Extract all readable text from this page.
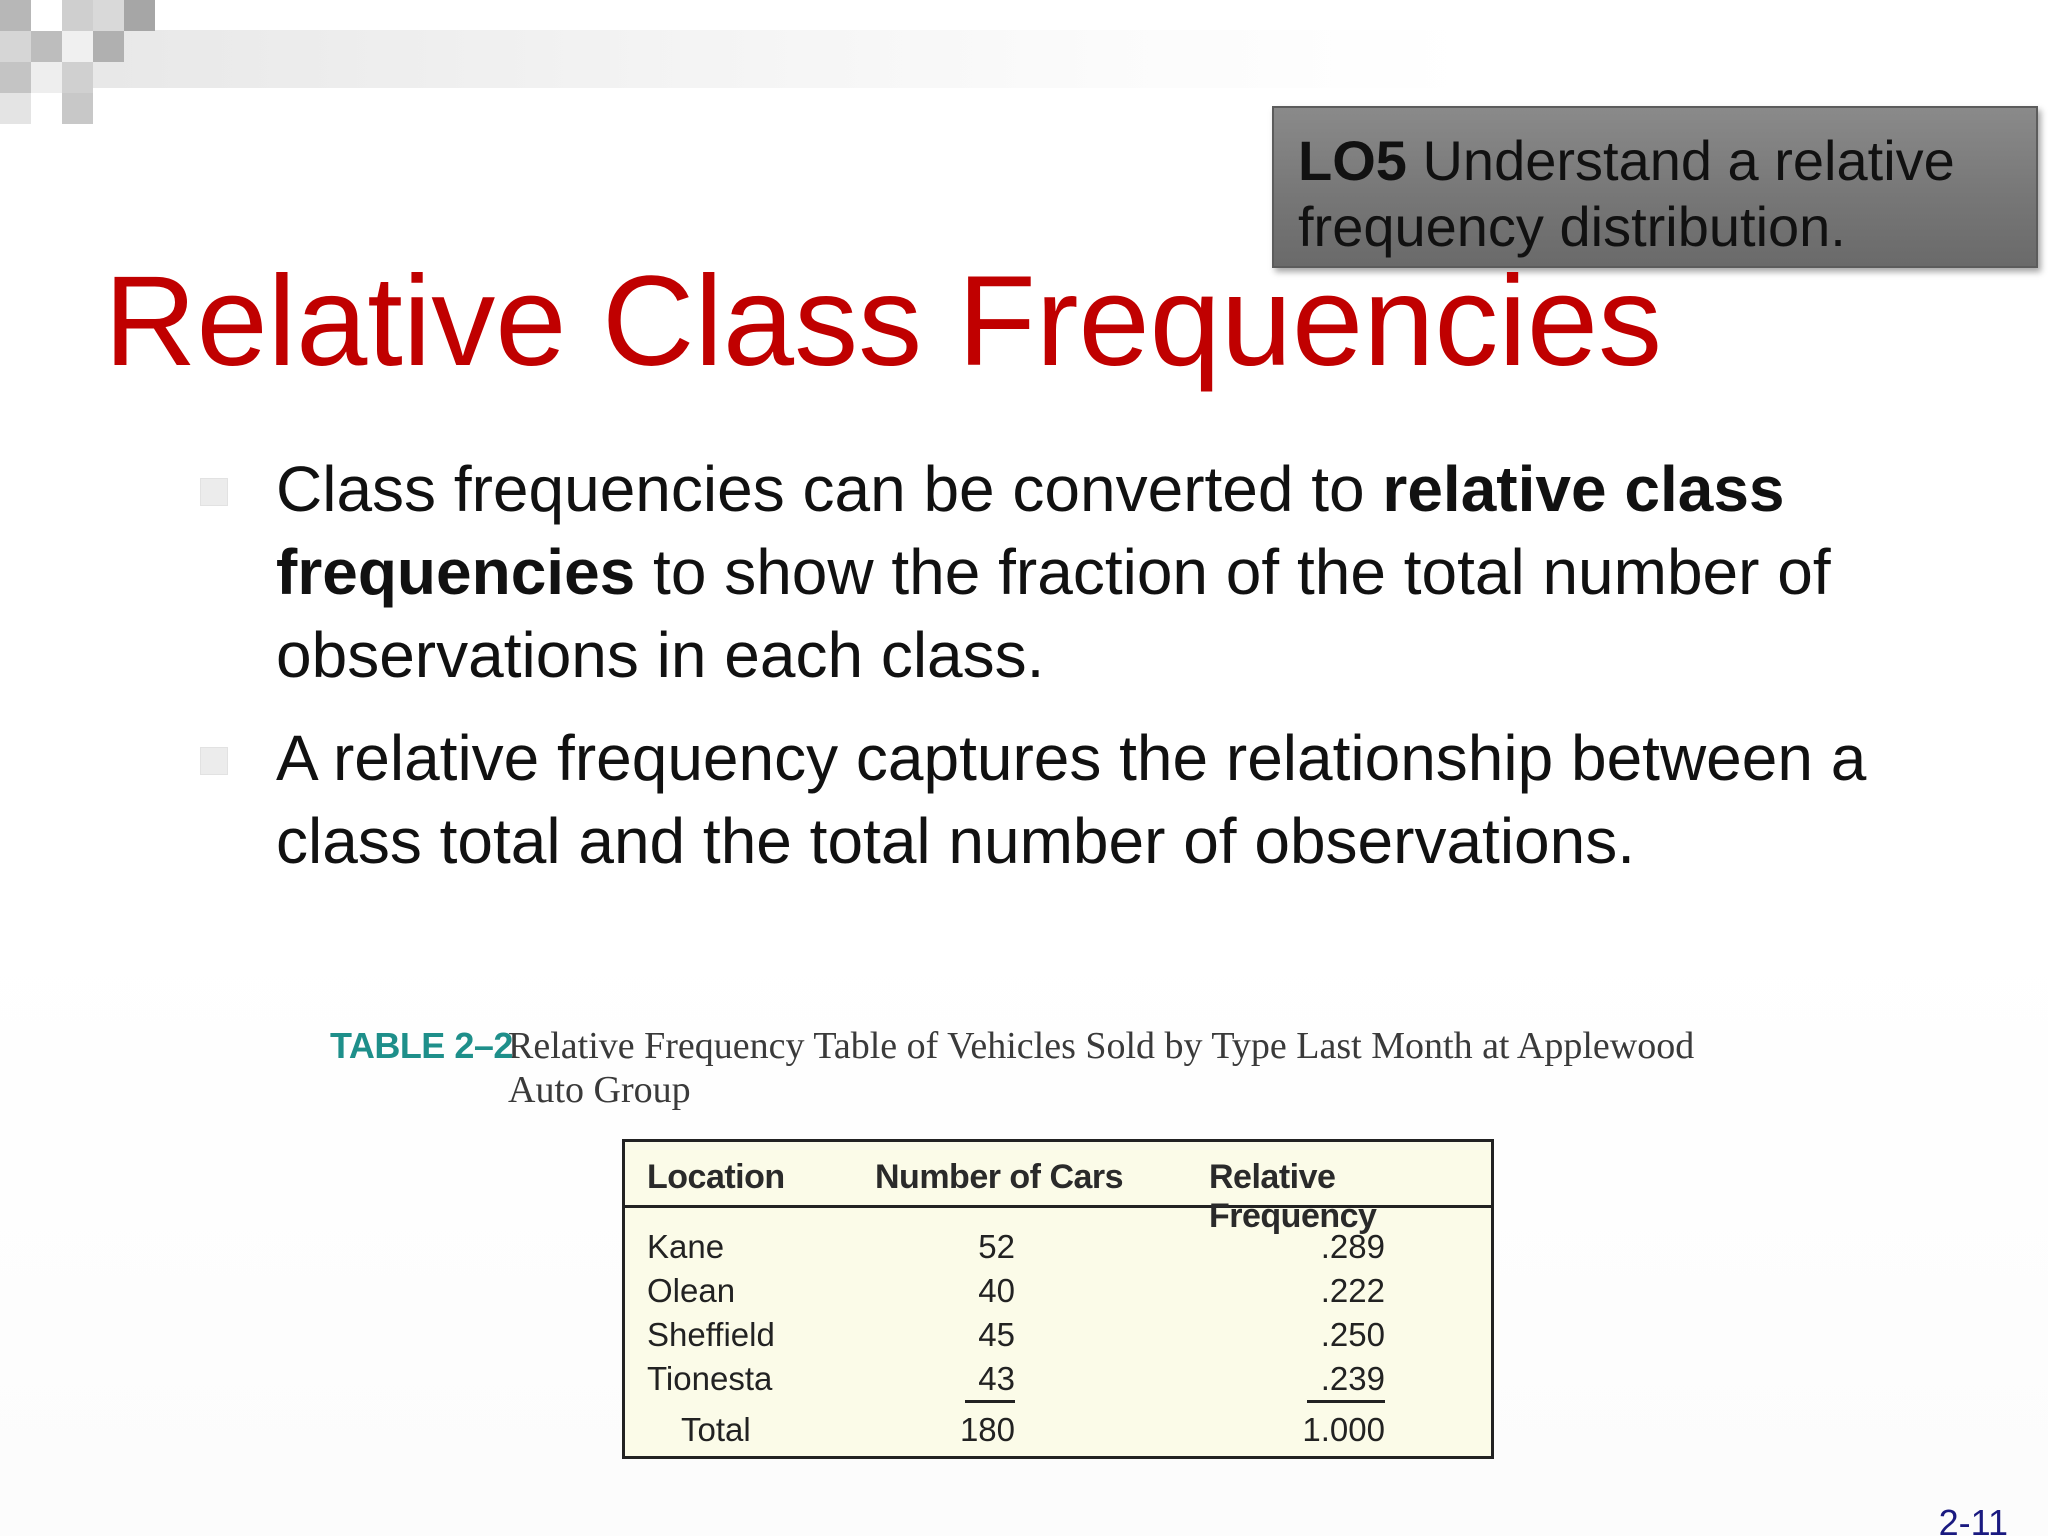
LO5 Understand a relative frequency distribution.
Relative Class Frequencies
Class frequencies can be converted to relative class frequencies to show the fraction of the total number of observations in each class.
A relative frequency captures the relationship between a class total and the total number of observations.
TABLE 2–2
Relative Frequency Table of Vehicles Sold by Type Last Month at Applewood Auto Group
Location	Number of Cars	Relative Frequency
Kane	52	.289
Olean	40	.222
Sheffield	45	.250
Tionesta	43	.239
Total	180	1.000
2-11
